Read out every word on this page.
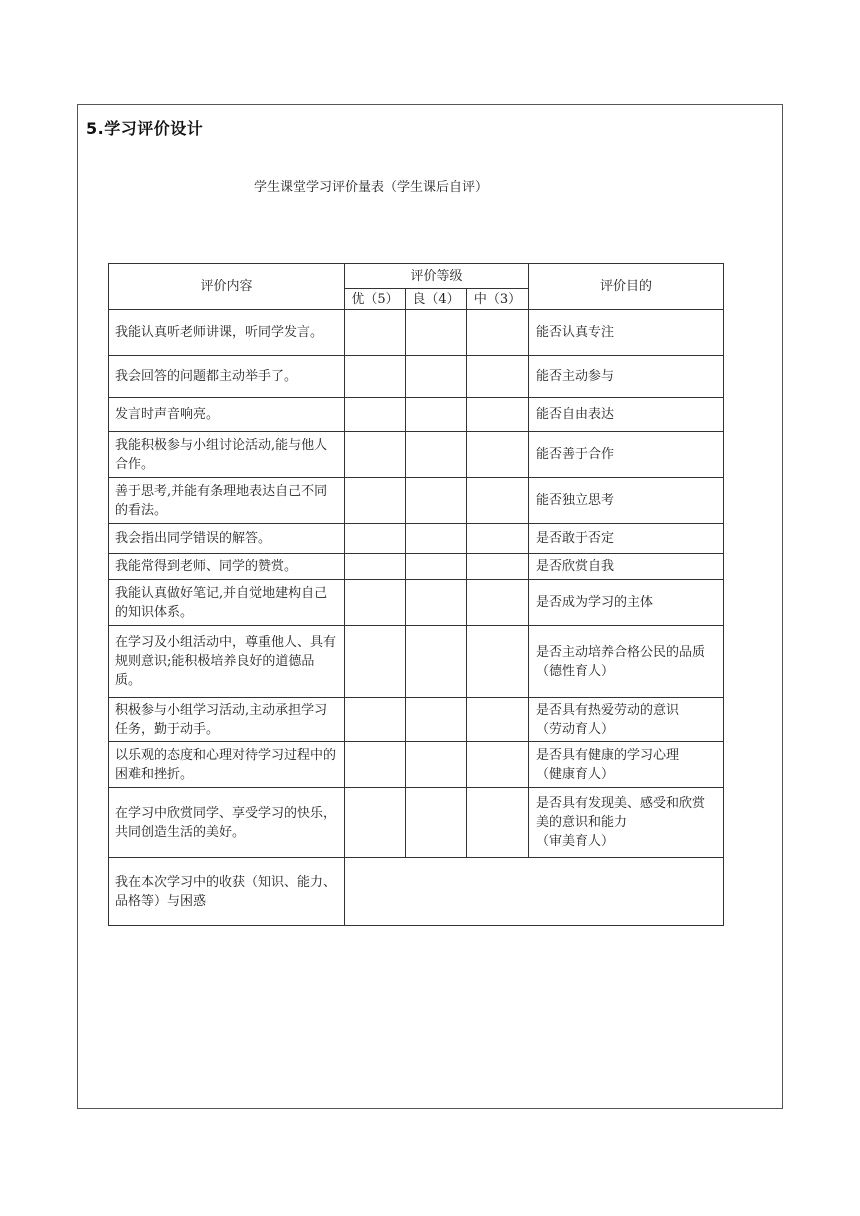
5.学习评价设计
学生课堂学习评价量表（学生课后自评）
评价内容	评价等级			评价目的
	优（5）	良（4）	中（3）	
我能认真听老师讲课，听同学发言。				能否认真专注
我会回答的问题都主动举手了。				能否主动参与
发言时声音响亮。				能否自由表达
我能积极参与小组讨论活动,能与他人合作。				能否善于合作
善于思考,并能有条理地表达自己不同的看法。				能否独立思考
我会指出同学错误的解答。				是否敢于否定
我能常得到老师、同学的赞赏。				是否欣赏自我
我能认真做好笔记,并自觉地建构自己的知识体系。				是否成为学习的主体
在学习及小组活动中，尊重他人、具有规则意识;能积极培养良好的道德品质。				是否主动培养合格公民的品质
（德性育人）
积极参与小组学习活动,主动承担学习任务，勤于动手。				是否具有热爱劳动的意识
（劳动育人）
以乐观的态度和心理对待学习过程中的困难和挫折。				是否具有健康的学习心理
（健康育人）
在学习中欣赏同学、享受学习的快乐，共同创造生活的美好。				是否具有发现美、感受和欣赏美的意识和能力
（审美育人）
我在本次学习中的收获（知识、能力、品格等）与困惑				
